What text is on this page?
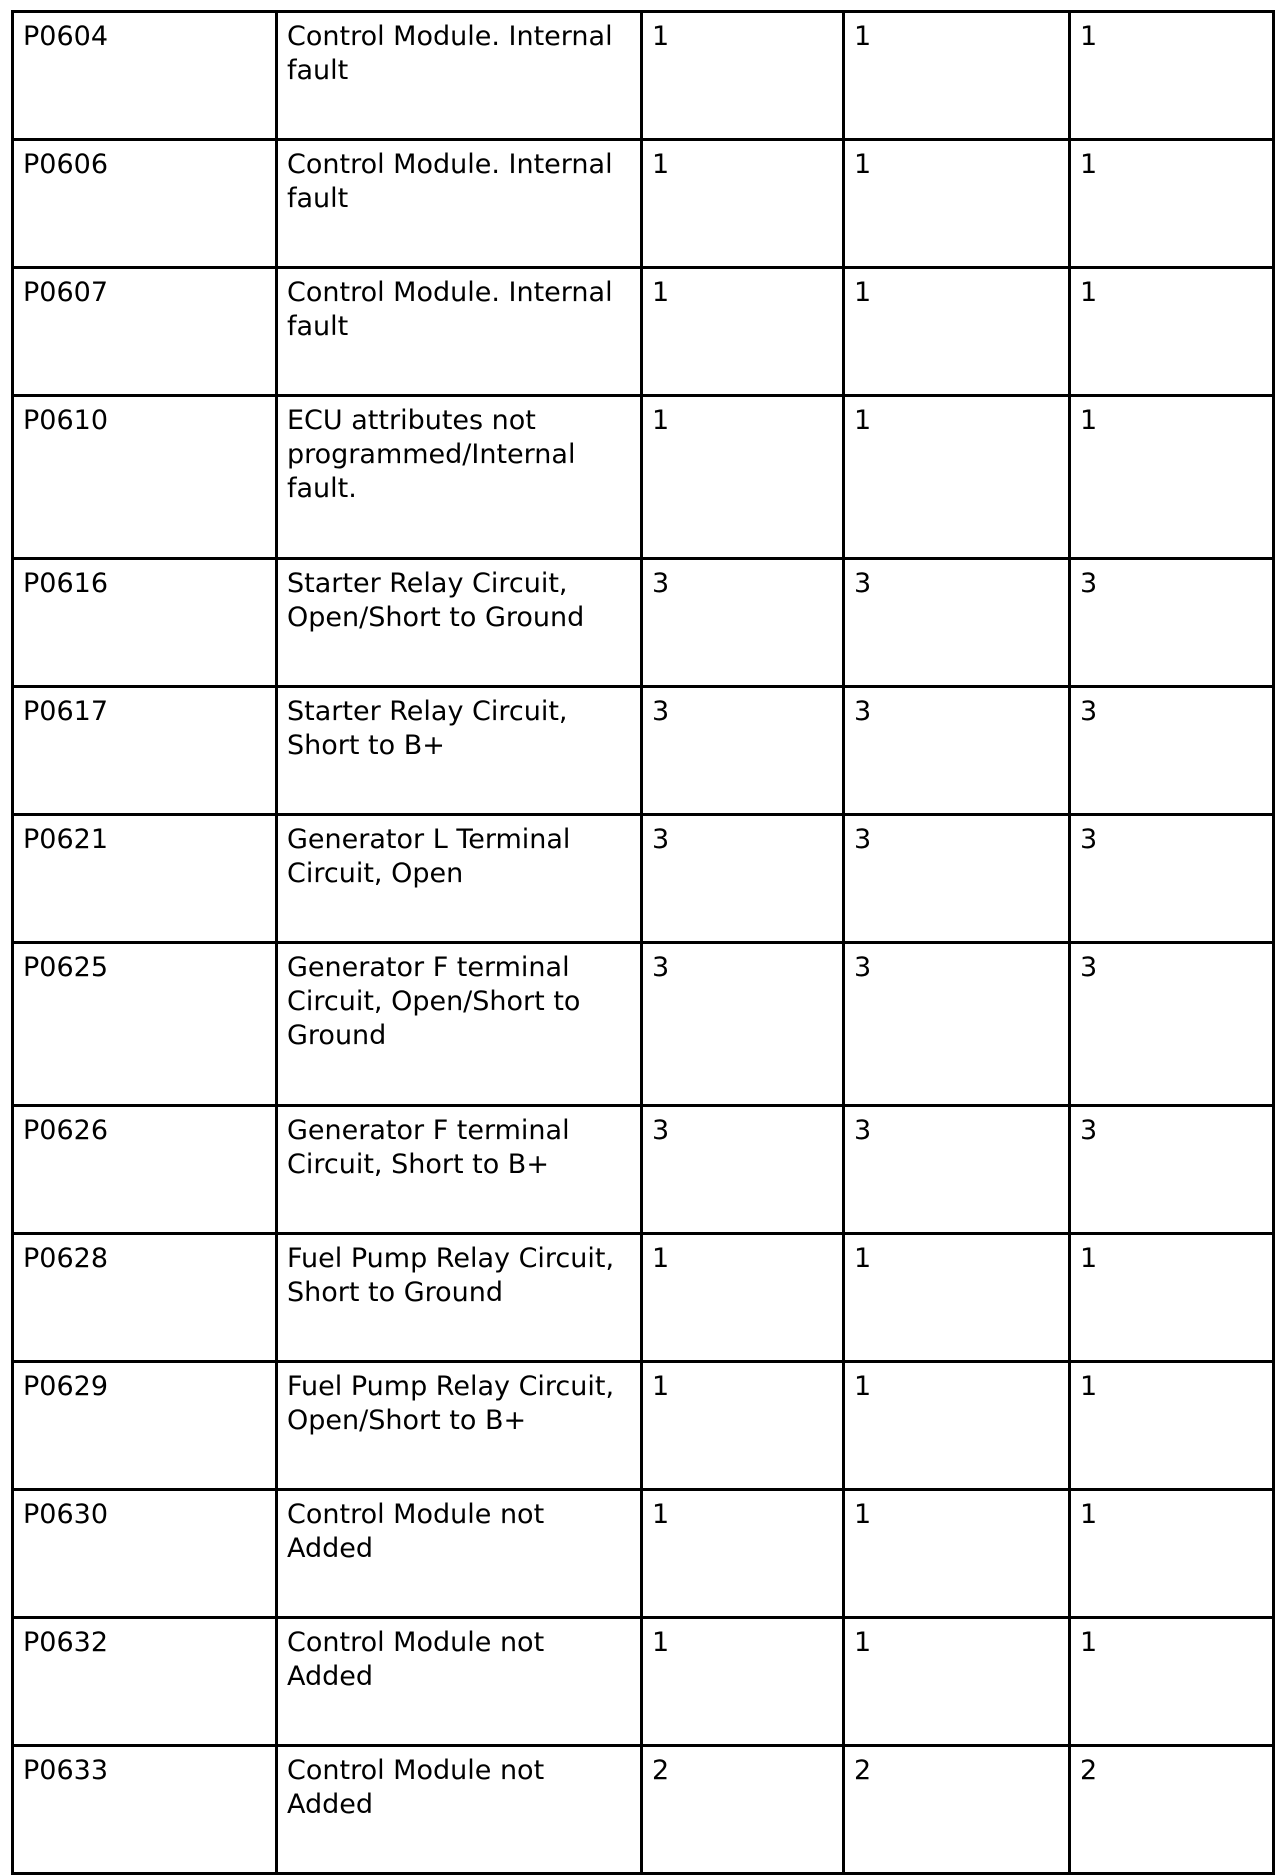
P0604	Control Module. Internal fault	1	1	1
P0606	Control Module. Internal fault	1	1	1
P0607	Control Module. Internal fault	1	1	1
P0610	ECU attributes not programmed/Internal fault.	1	1	1
P0616	Starter Relay Circuit, Open/Short to Ground	3	3	3
P0617	Starter Relay Circuit, Short to B+	3	3	3
P0621	Generator L Terminal Circuit, Open	3	3	3
P0625	Generator F terminal Circuit, Open/Short to Ground	3	3	3
P0626	Generator F terminal Circuit, Short to B+	3	3	3
P0628	Fuel Pump Relay Circuit, Short to Ground	1	1	1
P0629	Fuel Pump Relay Circuit, Open/Short to B+	1	1	1
P0630	Control Module not Added	1	1	1
P0632	Control Module not Added	1	1	1
P0633	Control Module not Added	2	2	2
